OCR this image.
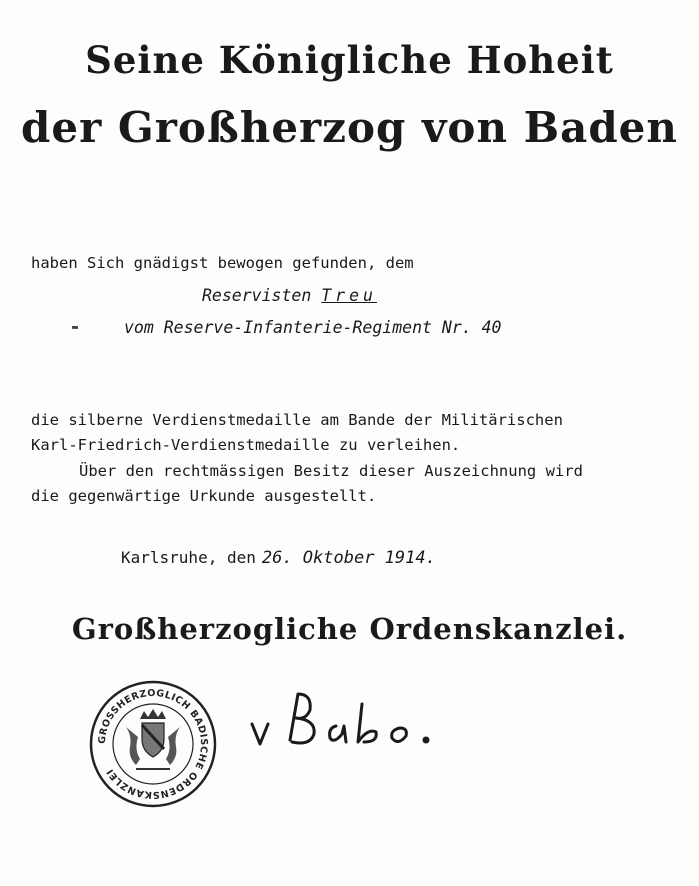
Seine Königliche Hoheit
der Großherzog von Baden
haben Sich gnädigst bewogen gefunden, dem
Reservisten Treu
▬	vom Reserve-Infanterie-Regiment Nr. 40
die silberne Verdienstmedaille am Bande der Militärischen
Karl-Friedrich-Verdienstmedaille zu verleihen.
Über den rechtmässigen Besitz dieser Auszeichnung wird
die gegenwärtige Urkunde ausgestellt.
Karlsruhe, den 26. Oktober 1914.
Großherzogliche Ordenskanzlei.
GROSSHERZOGLICH BADISCHE ORDENSKANZLEI
